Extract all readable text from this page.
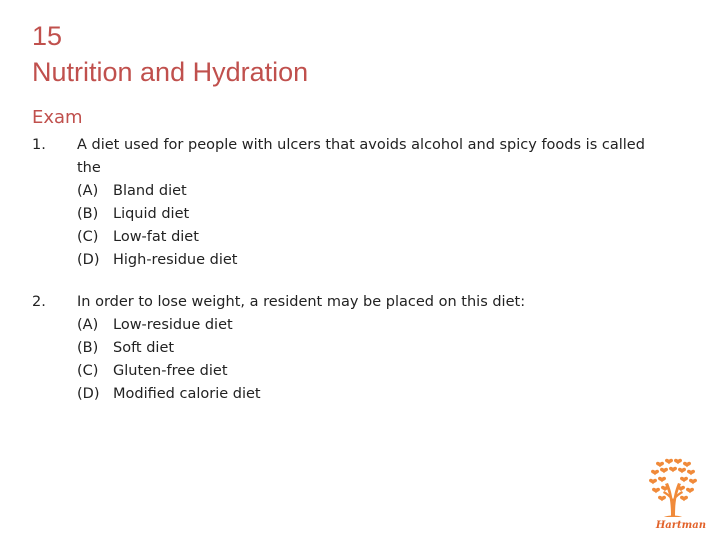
15
Nutrition and Hydration
Exam
1. A diet used for people with ulcers that avoids alcohol and spicy foods is called the
(A) Bland diet
(B) Liquid diet
(C) Low-fat diet
(D) High-residue diet
2. In order to lose weight, a resident may be placed on this diet:
(A) Low-residue diet
(B) Soft diet
(C) Gluten-free diet
(D) Modified calorie diet
Hartman
